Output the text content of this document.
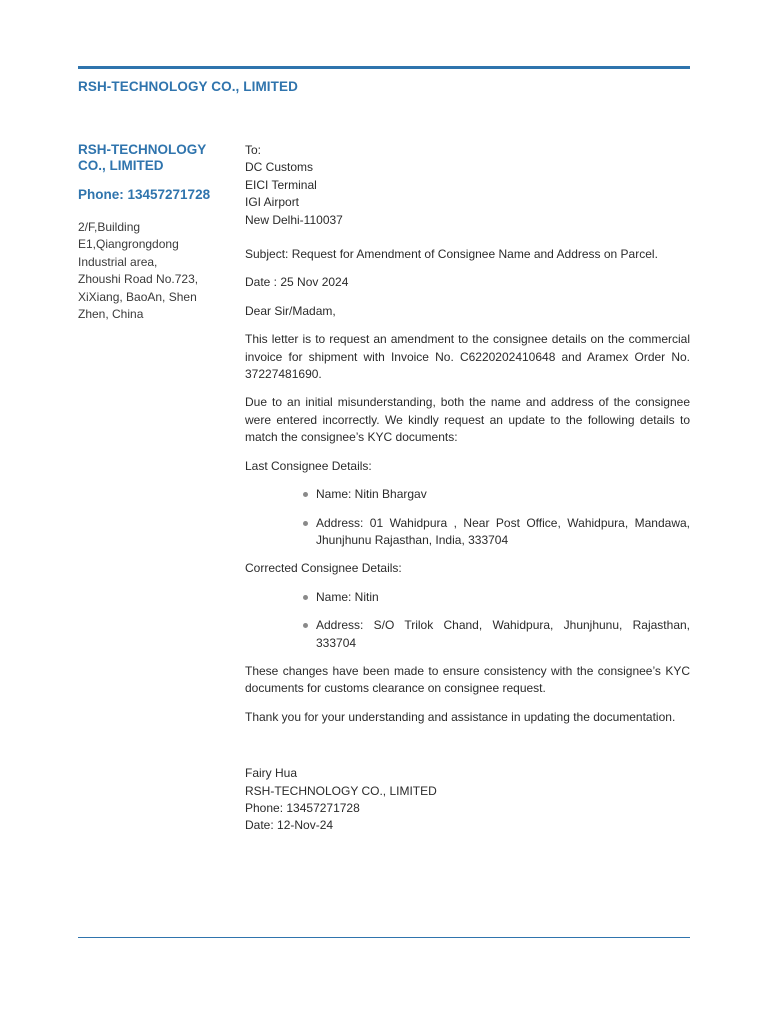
RSH-TECHNOLOGY CO., LIMITED
RSH-TECHNOLOGY CO., LIMITED
Phone: 13457271728
2/F,Building
E1,Qiangrongdong
Industrial area,
Zhoushi Road No.723,
XiXiang, BaoAn, Shen
Zhen, China

To:

DC Customs

EICI Terminal

IGI Airport

New Delhi-110037

Subject: Request for Amendment of Consignee Name and Address on Parcel.

Date : 25 Nov 2024

Dear Sir/Madam,

This letter is to request an amendment to the consignee details on the commercial invoice for shipment with Invoice No. C6220202410648 and Aramex Order No. 37227481690.

Due to an initial misunderstanding, both the name and address of the consignee were entered incorrectly. We kindly request an update to the following details to match the consignee’s KYC documents:

Last Consignee Details:

Name: Nitin Bhargav
Address: 01 Wahidpura , Near Post Office, Wahidpura, Mandawa, Jhunjhunu Rajasthan, India, 333704

Corrected Consignee Details:

Name: Nitin
Address: S/O Trilok Chand, Wahidpura, Jhunjhunu, Rajasthan, 333704

These changes have been made to ensure consistency with the consignee’s KYC documents for customs clearance on consignee request.

Thank you for your understanding and assistance in updating the documentation.

Fairy Hua

RSH-TECHNOLOGY CO., LIMITED

Phone: 13457271728

Date: 12-Nov-24
